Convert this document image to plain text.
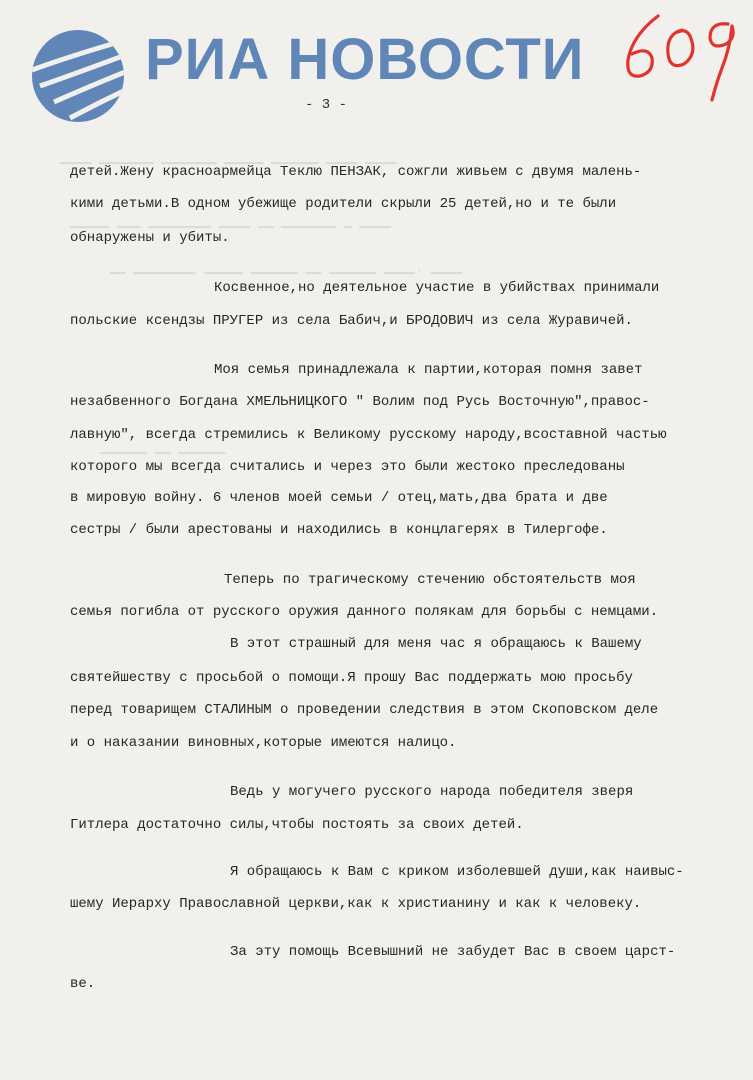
▁▁▁▁ ▁▁▁▁▁▁▁ ▁▁▁▁▁▁▁ ▁▁▁▁▁ ▁▁▁▁▁▁ ▁▁▁▁ ▁▁▁▁
▁▁▁▁▁ ▁▁▁ ▁▁▁▁▁▁▁▁ ▁▁▁▁ ▁▁ ▁▁▁▁▁▁▁ ▁ ▁▁▁▁
▁▁ ▁▁▁▁▁▁▁▁ ▁▁▁▁▁ ▁▁▁▁▁▁ ▁▁ ▁▁▁▁▁▁ ▁▁▁▁. ▁▁▁▁
▁▁▁▁▁▁ ▁▁ ▁▁▁▁▁▁
РИА НОВОСТИ
609
- 3 -
детей.Жену красноармейца Теклю ПЕНЗАК, сожгли живьем с двумя малень-
кими детьми.В одном убежище родители скрыли 25 детей,но и те были
обнаружены и убиты.
Косвенное,но деятельное участие в убийствах принимали
польские ксендзы ПРУГЕР из села Бабич,и БРОДОВИЧ из села Журавичей.
Моя семья принадлежала к партии,которая помня завет
незабвенного Богдана ХМЕЛЬНИЦКОГО " Волим под Русь Восточную",правос-
лавную", всегда стремились к Великому русскому народу,всоставной частью
которого мы всегда считались и через это были жестоко преследованы
в мировую войну. 6 членов моей семьи / отец,мать,два брата и две
сестры / были арестованы и находились в концлагерях в Тилергофе.
Теперь по трагическому стечению обстоятельств моя
семья погибла от русского оружия данного полякам для борьбы с немцами.
В этот страшный для меня час я обращаюсь к Вашему
святейшеству с просьбой о помощи.Я прошу Вас поддержать мою просьбу
перед товарищем СТАЛИНЫМ о проведении следствия в этом Скоповском деле
и о наказании виновных,которые имеются налицо.
Ведь у могучего русского народа победителя зверя
Гитлера достаточно силы,чтобы постоять за своих детей.
Я обращаюсь к Вам с криком изболевшей души,как наивыс-
шему Иерарху Православной церкви,как к христианину и как к человеку.
За эту помощь Всевышний не забудет Вас в своем царст-
ве.
